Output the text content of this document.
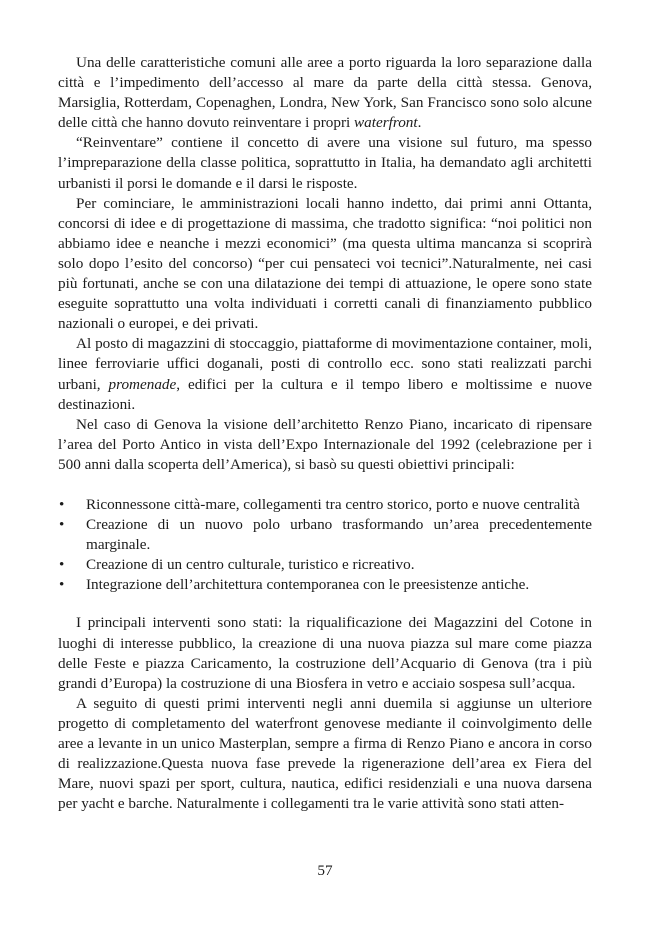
Una delle caratteristiche comuni alle aree a porto riguarda la loro separazione dalla città e l’impedimento dell’accesso al mare da parte della città stessa. Genova, Marsiglia, Rotterdam, Copenaghen, Londra, New York, San Francisco sono solo alcune delle città che hanno dovuto reinventare i propri waterfront.

“Reinventare” contiene il concetto di avere una visione sul futuro, ma spesso l’impreparazione della classe politica, soprattutto in Italia, ha demandato agli architetti urbanisti il porsi le domande e il darsi le risposte.

Per cominciare, le amministrazioni locali hanno indetto, dai primi anni Ottanta, concorsi di idee e di progettazione di massima, che tradotto significa: “noi politici non abbiamo idee e neanche i mezzi economici” (ma questa ultima mancanza si scoprirà solo dopo l’esito del concorso) “per cui pensateci voi tecnici”.Naturalmente, nei casi più fortunati, anche se con una dilatazione dei tempi di attuazione, le opere sono state eseguite soprattutto una volta individuati i corretti canali di finanziamento pubblico nazionali o europei, e dei privati.

Al posto di magazzini di stoccaggio, piattaforme di movimentazione container, moli, linee ferroviarie uffici doganali, posti di controllo ecc. sono stati realizzati parchi urbani, promenade, edifici per la cultura e il tempo libero e moltissime e nuove destinazioni.

Nel caso di Genova la visione dell’architetto Renzo Piano, incaricato di ripensare l’area del Porto Antico in vista dell’Expo Internazionale del 1992 (celebrazione per i 500 anni dalla scoperta dell’America), si basò su questi obiettivi principali:

• Riconnessone città-mare, collegamenti tra centro storico, porto e nuove centralità
• Creazione di un nuovo polo urbano trasformando un’area precedentemente marginale.
• Creazione di un centro culturale, turistico e ricreativo.
• Integrazione dell’architettura contemporanea con le preesistenze antiche.

I principali interventi sono stati: la riqualificazione dei Magazzini del Cotone in luoghi di interesse pubblico, la creazione di una nuova piazza sul mare come piazza delle Feste e piazza Caricamento, la costruzione dell’Acquario di Genova (tra i più grandi d’Europa) la costruzione di una Biosfera in vetro e acciaio sospesa sull’acqua.

A seguito di questi primi interventi negli anni duemila si aggiunse un ulteriore progetto di completamento del waterfront genovese mediante il coinvolgimento delle aree a levante in un unico Masterplan, sempre a firma di Renzo Piano e ancora in corso di realizzazione.Questa nuova fase prevede la rigenerazione dell’area ex Fiera del Mare, nuovi spazi per sport, cultura, nautica, edifici residenziali e una nuova darsena per yacht e barche. Naturalmente i collegamenti tra le varie attività sono stati atten-

57
